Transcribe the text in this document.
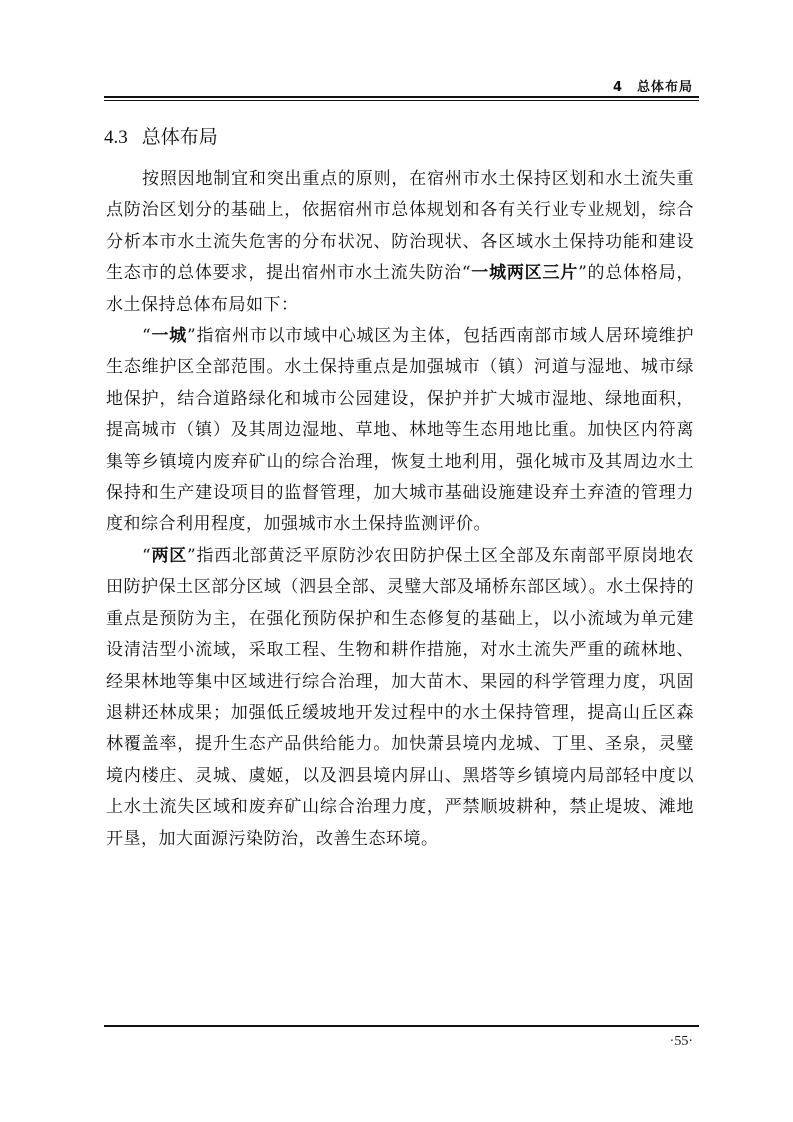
4　总体布局
4.3 总体布局

按照因地制宜和突出重点的原则，在宿州市水土保持区划和水土流失重点防治区划分的基础上，依据宿州市总体规划和各有关行业专业规划，综合分析本市水土流失危害的分布状况、防治现状、各区域水土保持功能和建设生态市的总体要求，提出宿州市水土流失防治“一城两区三片”的总体格局，水土保持总体布局如下：

“一城”指宿州市以市域中心城区为主体，包括西南部市域人居环境维护生态维护区全部范围。水土保持重点是加强城市（镇）河道与湿地、城市绿地保护，结合道路绿化和城市公园建设，保护并扩大城市湿地、绿地面积，提高城市（镇）及其周边湿地、草地、林地等生态用地比重。加快区内符离集等乡镇境内废弃矿山的综合治理，恢复土地利用，强化城市及其周边水土保持和生产建设项目的监督管理，加大城市基础设施建设弃土弃渣的管理力度和综合利用程度，加强城市水土保持监测评价。

“两区”指西北部黄泛平原防沙农田防护保土区全部及东南部平原岗地农田防护保土区部分区域（泗县全部、灵璧大部及埇桥东部区域）。水土保持的重点是预防为主，在强化预防保护和生态修复的基础上，以小流域为单元建设清洁型小流域，采取工程、生物和耕作措施，对水土流失严重的疏林地、经果林地等集中区域进行综合治理，加大苗木、果园的科学管理力度，巩固退耕还林成果；加强低丘缓坡地开发过程中的水土保持管理，提高山丘区森林覆盖率，提升生态产品供给能力。加快萧县境内龙城、丁里、圣泉，灵璧境内楼庄、灵城、虞姬，以及泗县境内屏山、黑塔等乡镇境内局部轻中度以上水土流失区域和废弃矿山综合治理力度，严禁顺坡耕种，禁止堤坡、滩地开垦，加大面源污染防治，改善生态环境。

·55·
